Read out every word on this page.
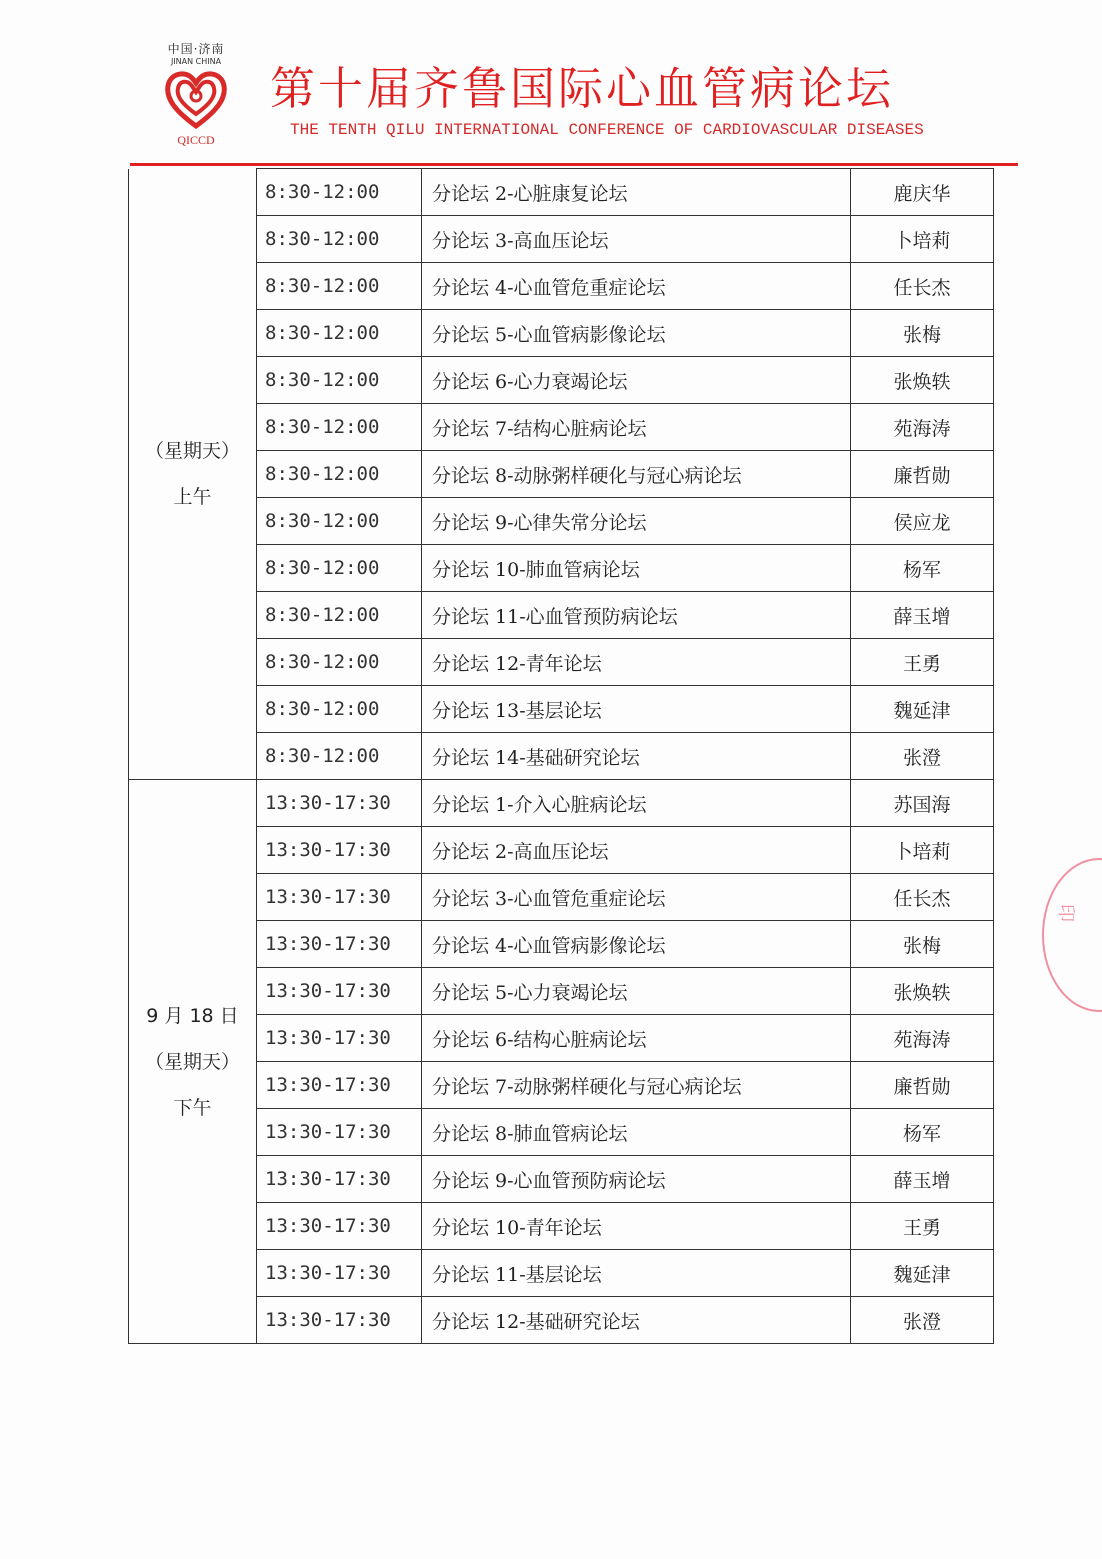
中国·济南
JINAN CHINA
QICCD
第十届齐鲁国际心血管病论坛
THE TENTH QILU INTERNATIONAL CONFERENCE OF CARDIOVASCULAR DISEASES
（星期天）
上午	8:30-12:00	分论坛 2-心脏康复论坛	鹿庆华
	8:30-12:00	分论坛 3-高血压论坛	卜培莉
	8:30-12:00	分论坛 4-心血管危重症论坛	任长杰
	8:30-12:00	分论坛 5-心血管病影像论坛	张梅
	8:30-12:00	分论坛 6-心力衰竭论坛	张焕轶
	8:30-12:00	分论坛 7-结构心脏病论坛	苑海涛
	8:30-12:00	分论坛 8-动脉粥样硬化与冠心病论坛	廉哲勋
	8:30-12:00	分论坛 9-心律失常分论坛	侯应龙
	8:30-12:00	分论坛 10-肺血管病论坛	杨军
	8:30-12:00	分论坛 11-心血管预防病论坛	薛玉增
	8:30-12:00	分论坛 12-青年论坛	王勇
	8:30-12:00	分论坛 13-基层论坛	魏延津
	8:30-12:00	分论坛 14-基础研究论坛	张澄

9 月 18 日
（星期天）
下午	13:30-17:30	分论坛 1-介入心脏病论坛	苏国海
	13:30-17:30	分论坛 2-高血压论坛	卜培莉
	13:30-17:30	分论坛 3-心血管危重症论坛	任长杰
	13:30-17:30	分论坛 4-心血管病影像论坛	张梅
	13:30-17:30	分论坛 5-心力衰竭论坛	张焕轶
	13:30-17:30	分论坛 6-结构心脏病论坛	苑海涛
	13:30-17:30	分论坛 7-动脉粥样硬化与冠心病论坛	廉哲勋
	13:30-17:30	分论坛 8-肺血管病论坛	杨军
	13:30-17:30	分论坛 9-心血管预防病论坛	薛玉增
	13:30-17:30	分论坛 10-青年论坛	王勇
	13:30-17:30	分论坛 11-基层论坛	魏延津
	13:30-17:30	分论坛 12-基础研究论坛	张澄
印
